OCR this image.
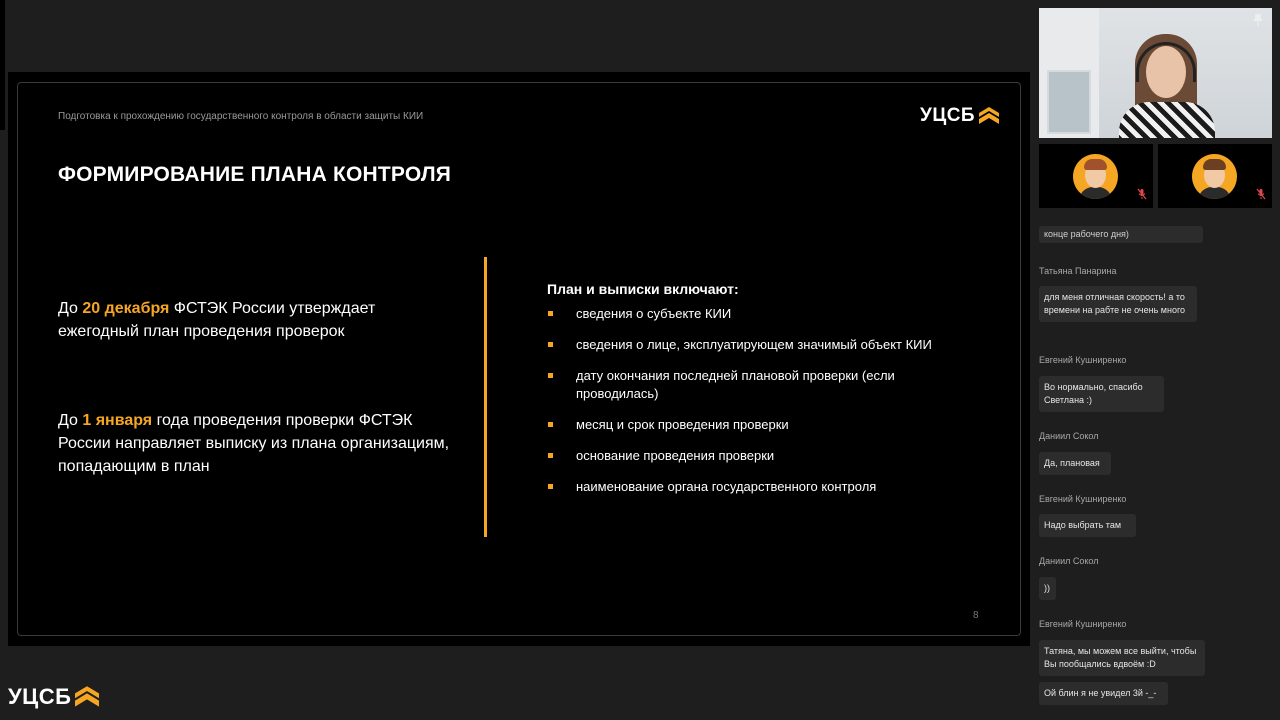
Подготовка к прохождению государственного контроля в области защиты КИИ	УЦСБ
ФОРМИРОВАНИЕ ПЛАНА КОНТРОЛЯ
До 20 декабря ФСТЭК России утверждает ежегодный план проведения проверок
До 1 января года проведения проверки ФСТЭК России направляет выписку из плана организациям, попадающим в план
План и выписки включают:
сведения о субъекте КИИ
сведения о лице, эксплуатирующем значимый объект КИИ
дату окончания последней плановой проверки (если проводилась)
месяц и срок проведения проверки
основание проведения проверки
наименование органа государственного контроля
8
УЦСБ
конце рабочего дня)
Татьяна Панарина
для меня отличная скорость! а то времени на рабте не очень много
Евгений Кушниренко
Во нормально, спасибо Светлана :)
Даниил Сокол
Да, плановая
Евгений Кушниренко
Надо выбрать там
Даниил Сокол
))
Евгений Кушниренко
Татяна, мы можем все выйти, чтобы Вы пообщались вдвоём :D
Ой блин я не увидел 3й -_-
